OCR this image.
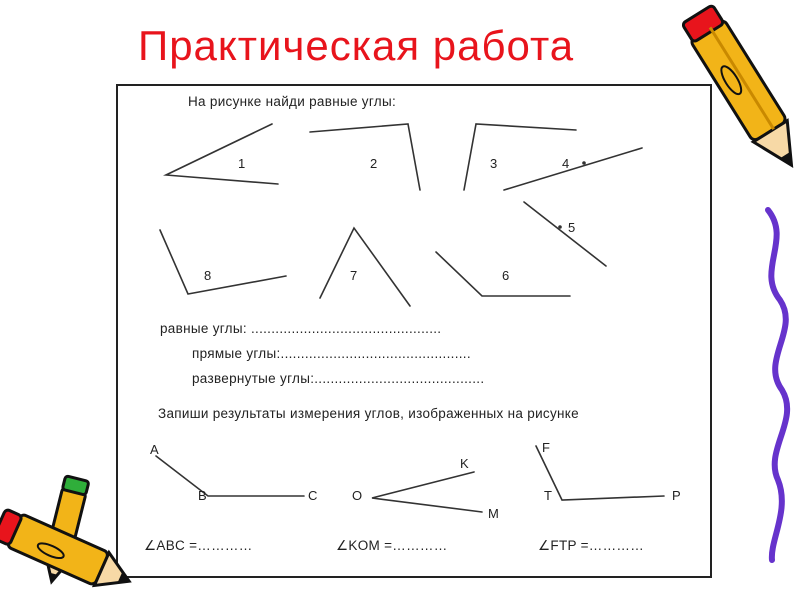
Практическая работа
На рисунке найди равные углы:
1	2	3	4
5
6
7
8
равные углы: ...............................................
прямые углы:...............................................
развернутые углы:..........................................
Запиши результаты измерения углов, изображенных на рисунке
A
B	C
K
O
M
F
T	P
∠ABC =…………	∠KOM =…………	∠FTP =…………
